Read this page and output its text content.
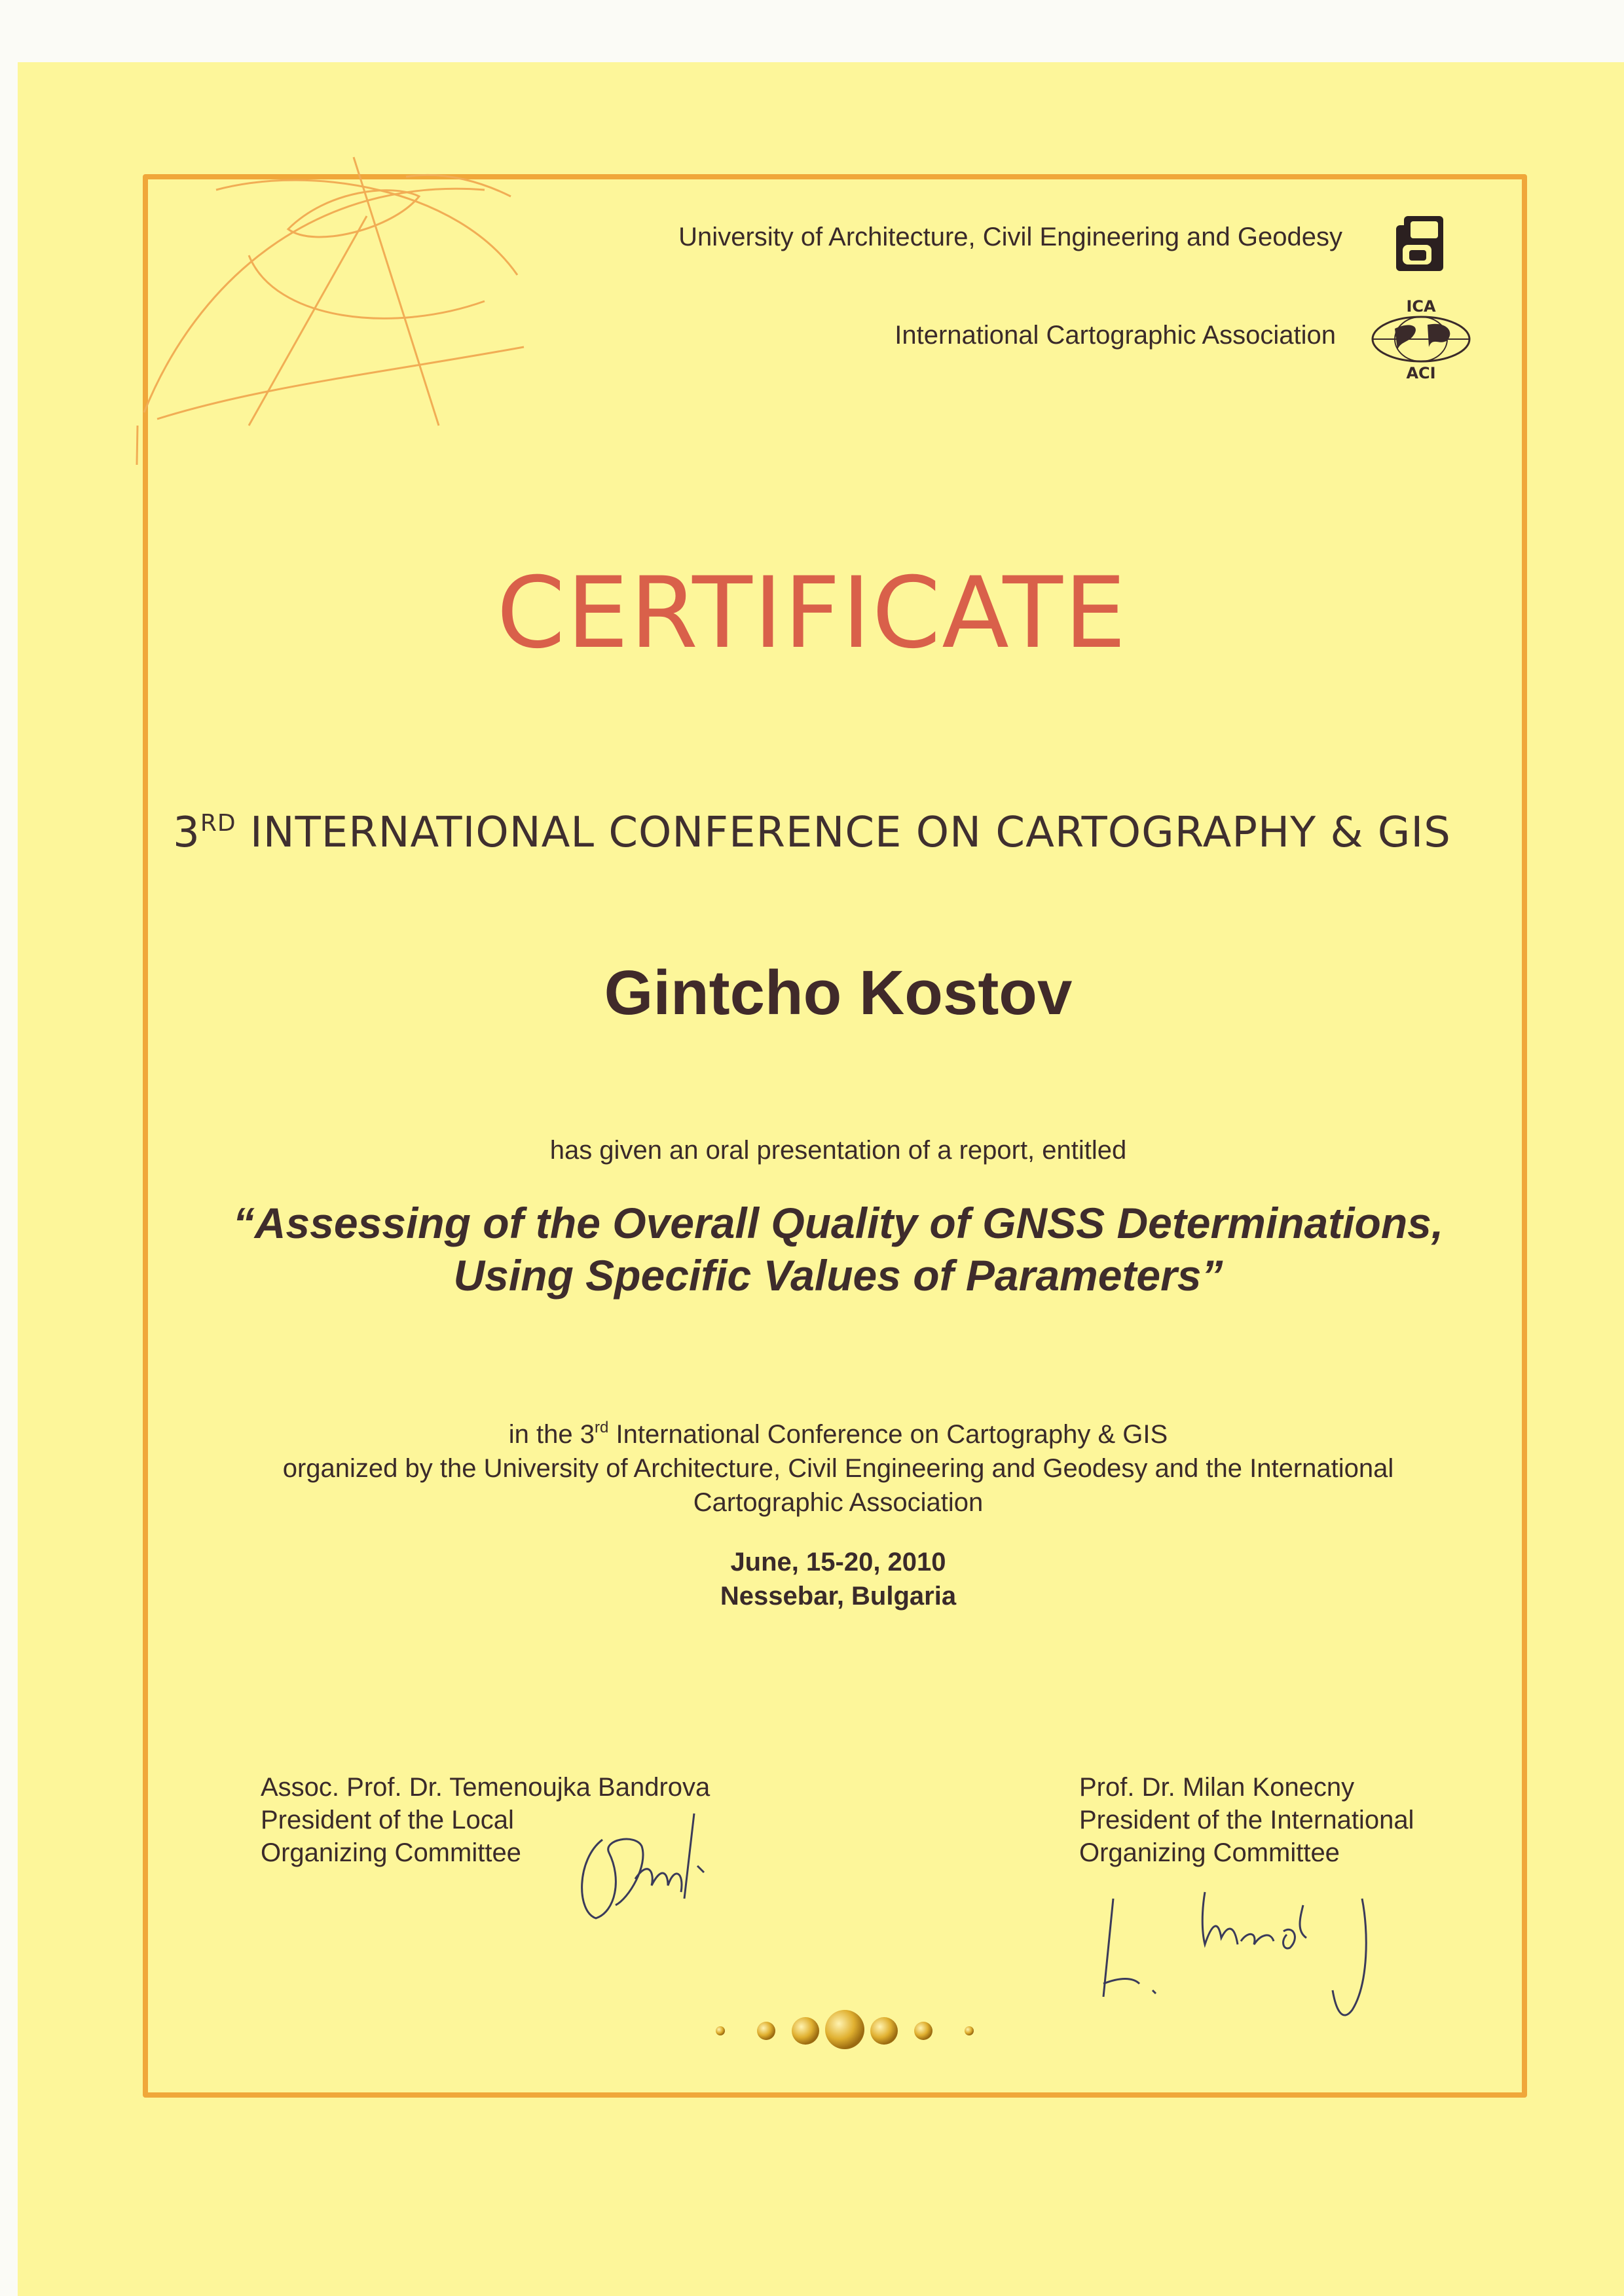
University of Architecture, Civil Engineering and Geodesy
International Cartographic Association
ICA
ACI
CERTIFICATE
3RD INTERNATIONAL CONFERENCE ON CARTOGRAPHY & GIS
Gintcho Kostov
has given an oral presentation of a report, entitled
“Assessing of the Overall Quality of GNSS Determinations,
Using Specific Values of Parameters”
in the 3rd International Conference on Cartography & GIS
organized by the University of Architecture, Civil Engineering and Geodesy and the International
Cartographic Association
June, 15-20, 2010
Nessebar, Bulgaria
Assoc. Prof. Dr. Temenoujka Bandrova
President of the Local
Organizing Committee
Prof. Dr. Milan Konecny
President of the International
Organizing Committee
